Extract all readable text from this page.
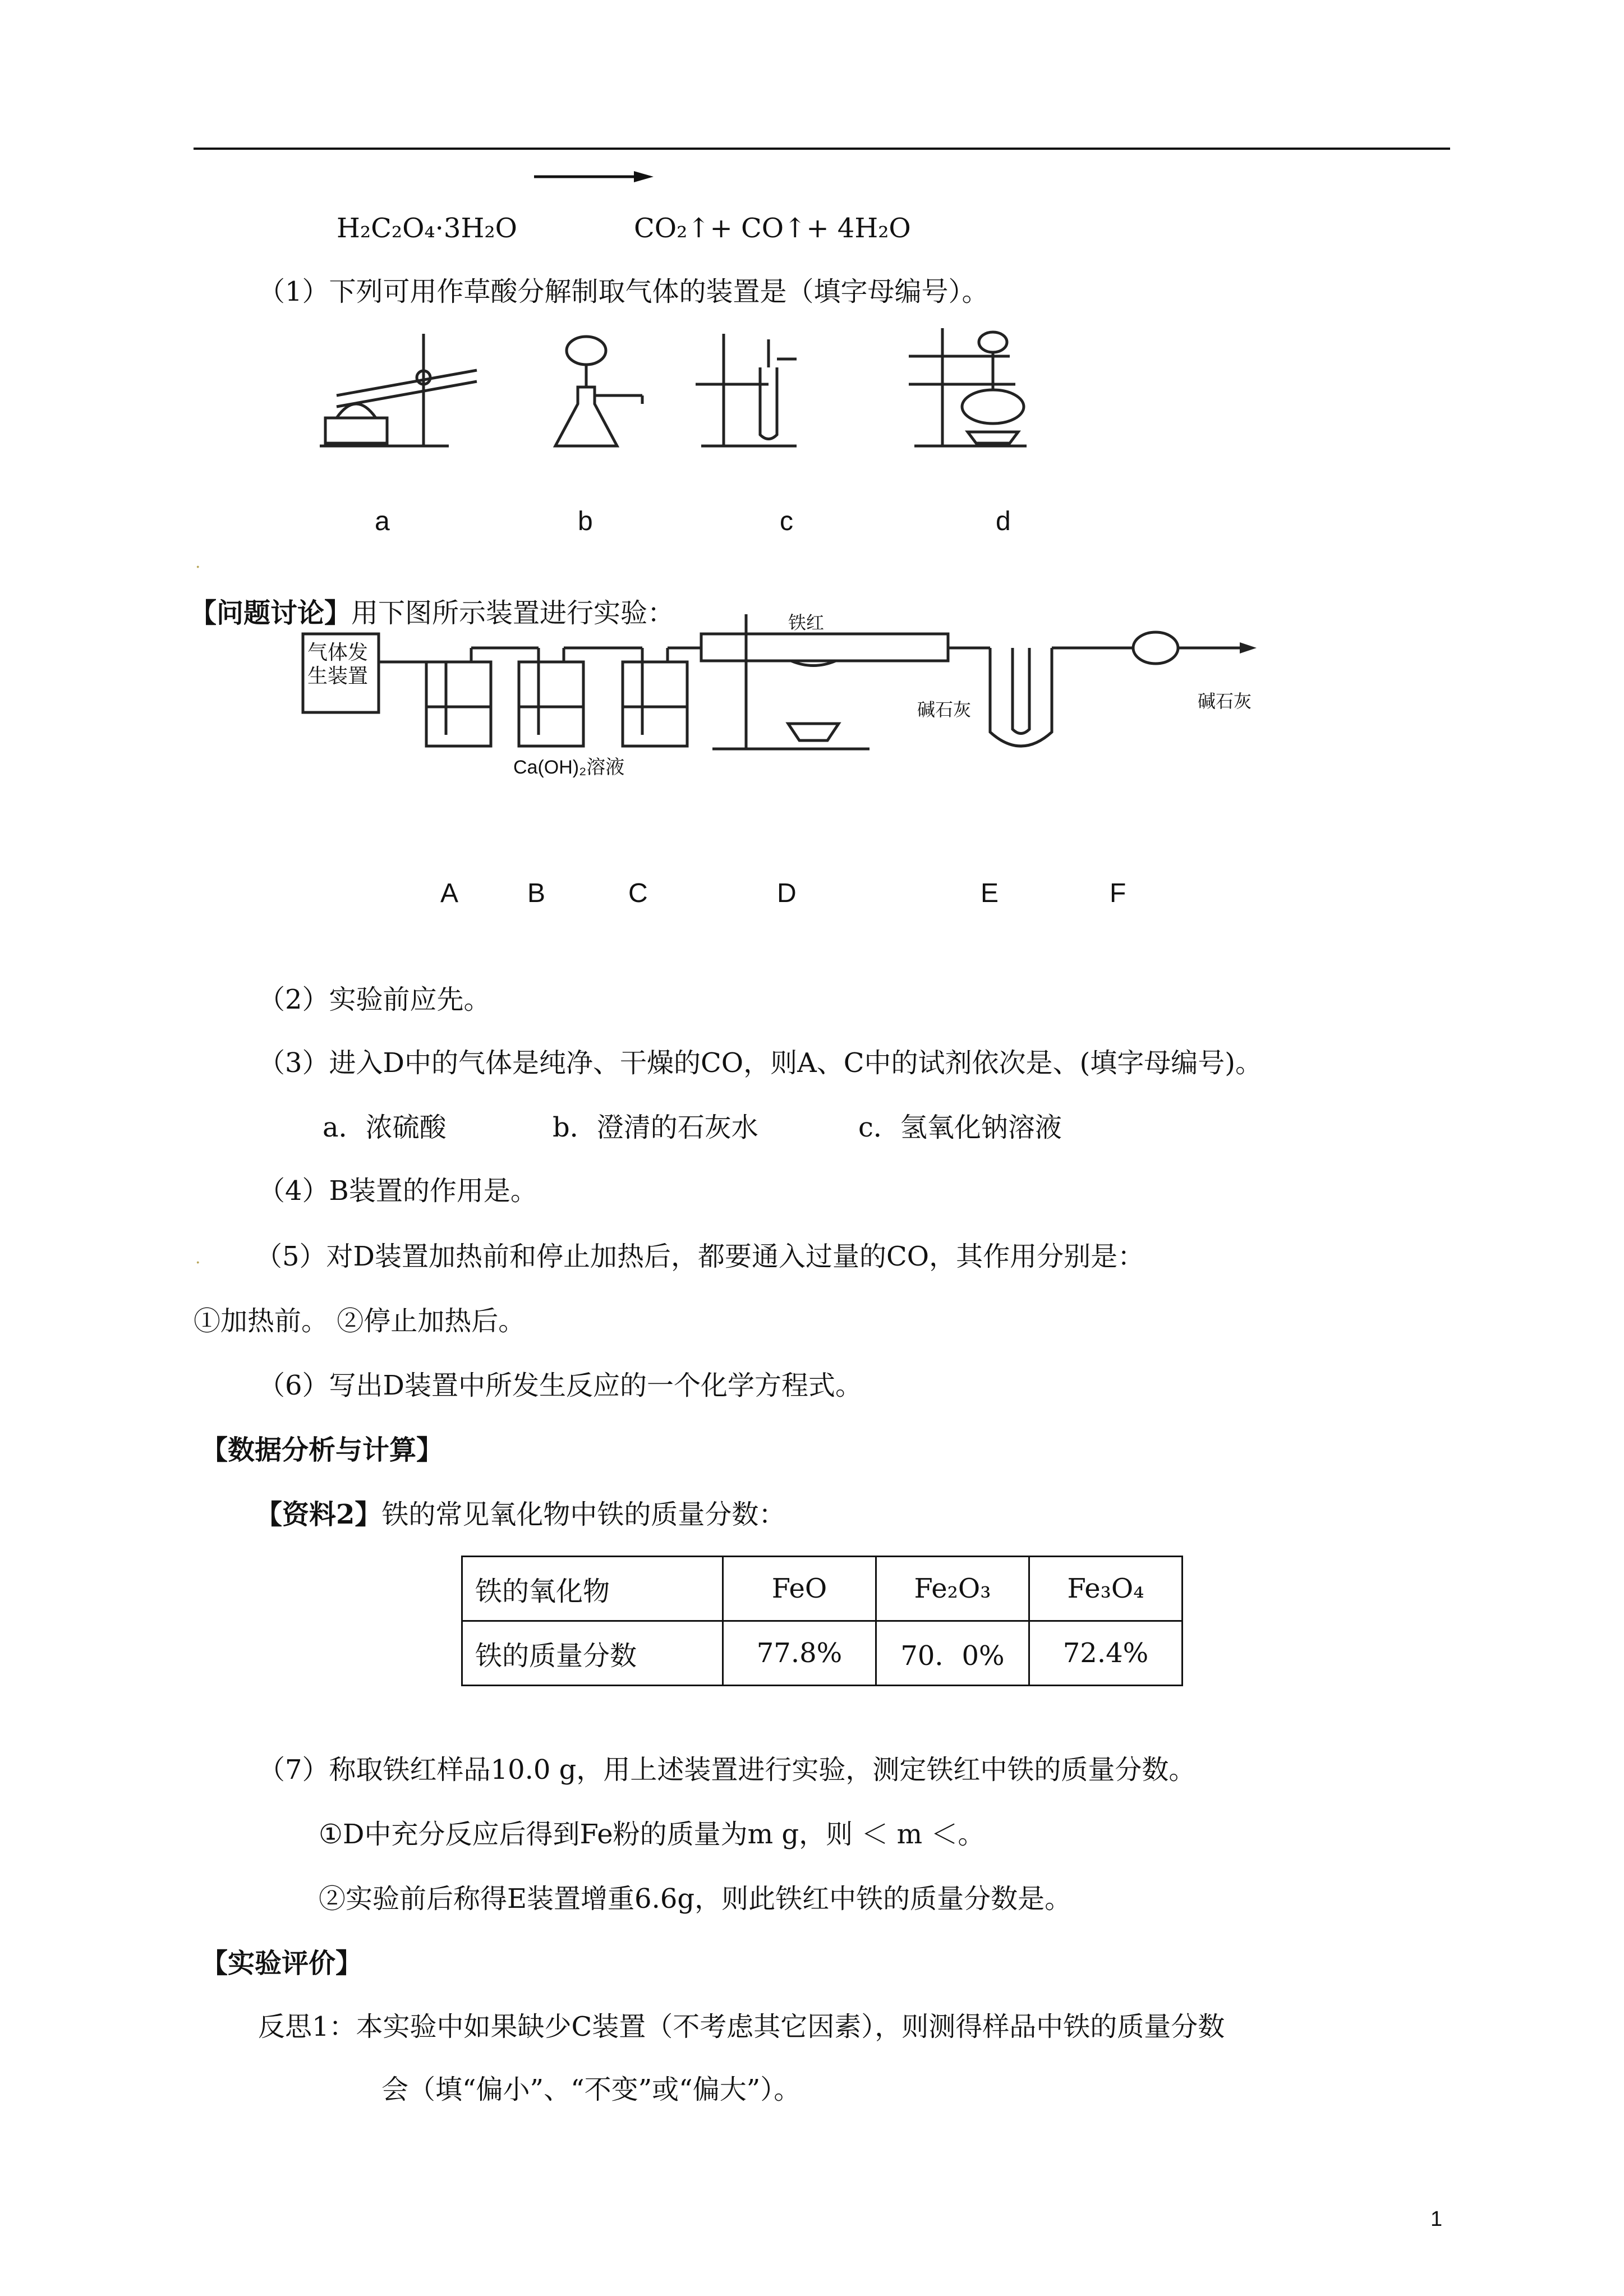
H₂C₂O₄·3H₂O	CO₂↑+ CO↑+ 4H₂O
（1）下列可用作草酸分解制取气体的装置是（填字母编号）。
a	b	c	d
.
【问题讨论】用下图所示装置进行实验：
气体发生装置
铁红
碱石灰	碱石灰
Ca(OH)₂溶液
A	B	C	D	E	F
（2）实验前应先。
（3）进入D中的气体是纯净、干燥的CO，则A、C中的试剂依次是、(填字母编号)。
a．浓硫酸	b．澄清的石灰水	c．氢氧化钠溶液
（4）B装置的作用是。
. （5）对D装置加热前和停止加热后，都要通入过量的CO，其作用分别是：
①加热前。 ②停止加热后。
（6）写出D装置中所发生反应的一个化学方程式。
【数据分析与计算】
【资料2】铁的常见氧化物中铁的质量分数：
铁的氧化物	FeO	Fe₂O₃	Fe₃O₄
铁的质量分数	77.8%	70．0%	72.4%
（7）称取铁红样品10.0 g，用上述装置进行实验，测定铁红中铁的质量分数。
①D中充分反应后得到Fe粉的质量为m g，则 ＜ m ＜。
②实验前后称得E装置增重6.6g，则此铁红中铁的质量分数是。
【实验评价】
反思1：本实验中如果缺少C装置（不考虑其它因素），则测得样品中铁的质量分数
会（填“偏小”、“不变”或“偏大”）。
1
